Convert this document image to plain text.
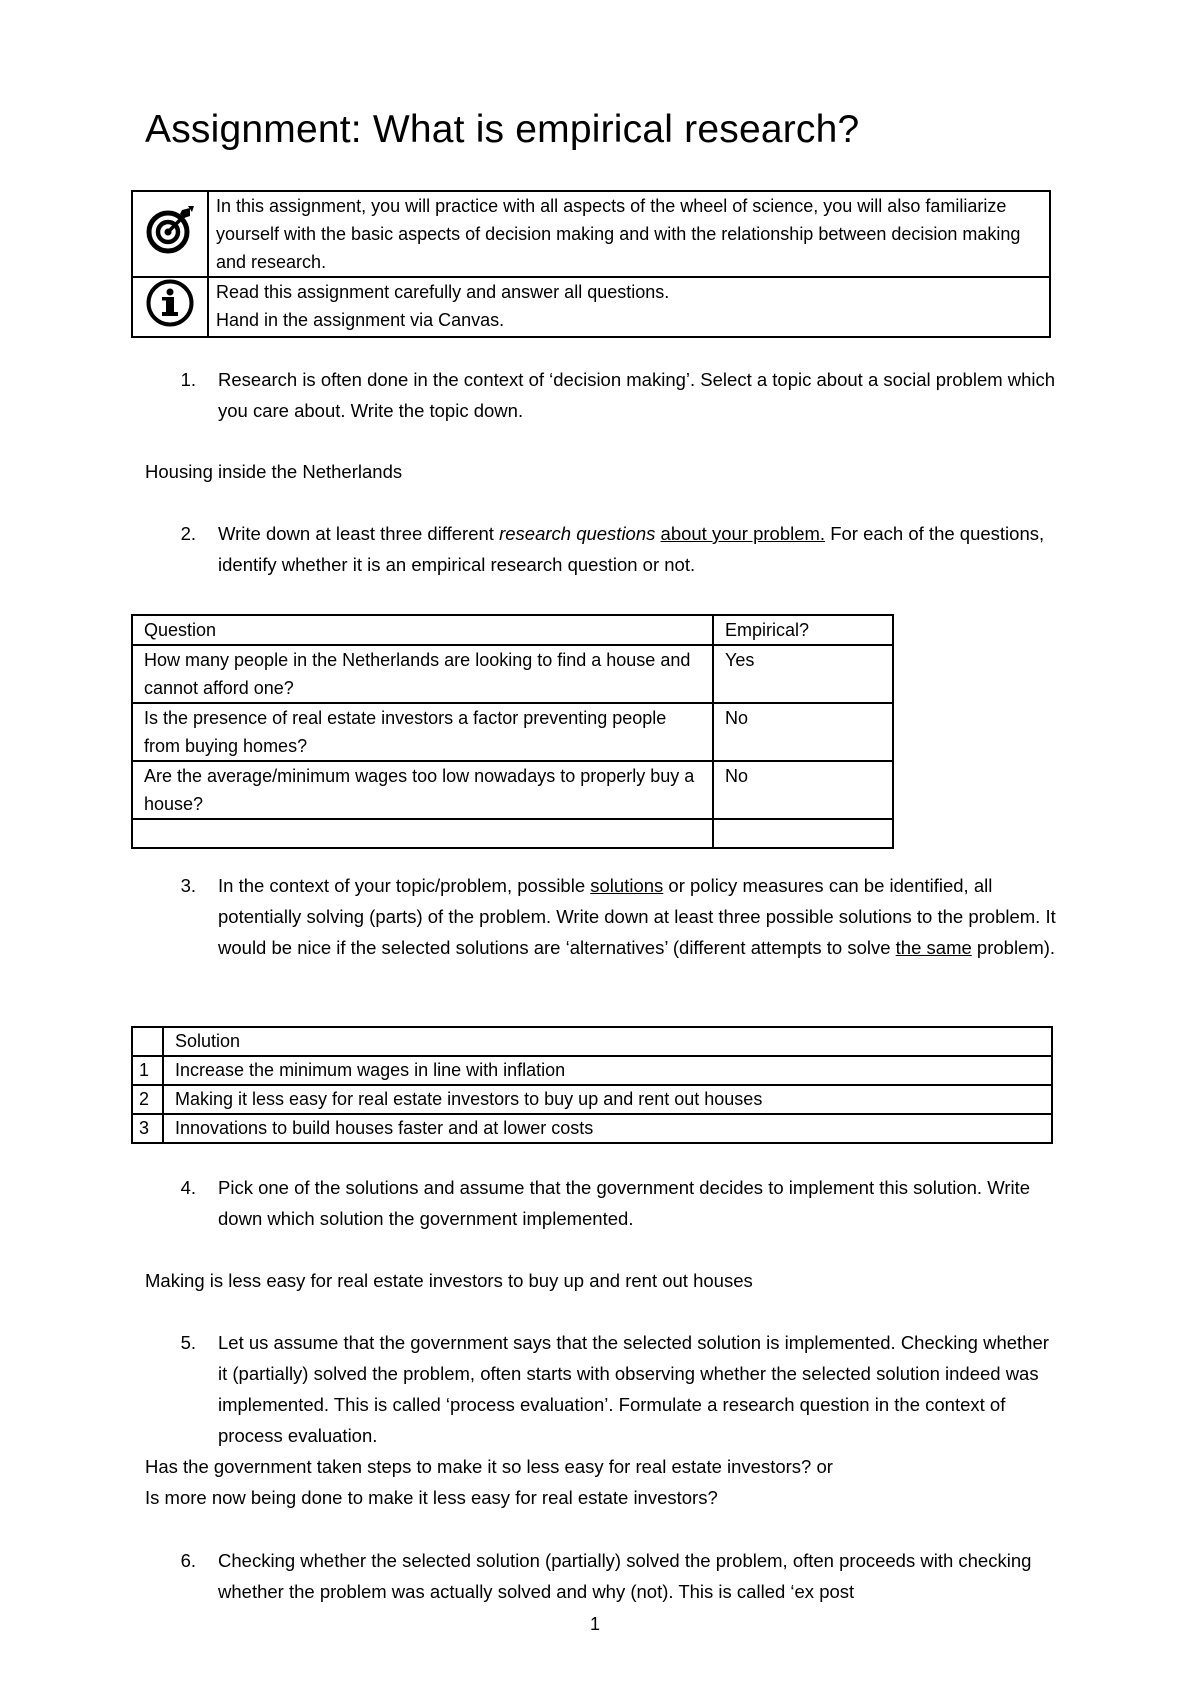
Assignment: What is empirical research?
	In this assignment, you will practice with all aspects of the wheel of science, you will also familiarize yourself with the basic aspects of decision making and with the relationship between decision making and research.

Read this assignment carefully and answer all questions.
Hand in the assignment via Canvas.
1. Research is often done in the context of ‘decision making’. Select a topic about a social problem which you care about. Write the topic down.
Housing inside the Netherlands
2. Write down at least three different research questions about your problem. For each of the questions, identify whether it is an empirical research question or not.
Question	Empirical?
How many people in the Netherlands are looking to find a house and cannot afford one?	Yes
Is the presence of real estate investors a factor preventing people from buying homes?	No
Are the average/minimum wages too low nowadays to properly buy a house?	No

3. In the context of your topic/problem, possible solutions or policy measures can be identified, all potentially solving (parts) of the problem. Write down at least three possible solutions to the problem. It would be nice if the selected solutions are ‘alternatives’ (different attempts to solve the same problem).
	Solution
1	Increase the minimum wages in line with inflation
2	Making it less easy for real estate investors to buy up and rent out houses
3	Innovations to build houses faster and at lower costs
4. Pick one of the solutions and assume that the government decides to implement this solution. Write down which solution the government implemented.
Making is less easy for real estate investors to buy up and rent out houses
5. Let us assume that the government says that the selected solution is implemented. Checking whether it (partially) solved the problem, often starts with observing whether the selected solution indeed was implemented. This is called ‘process evaluation’. Formulate a research question in the context of process evaluation.
Has the government taken steps to make it so less easy for real estate investors? or
Is more now being done to make it less easy for real estate investors?
6. Checking whether the selected solution (partially) solved the problem, often proceeds with checking whether the problem was actually solved and why (not). This is called ‘ex post
1
